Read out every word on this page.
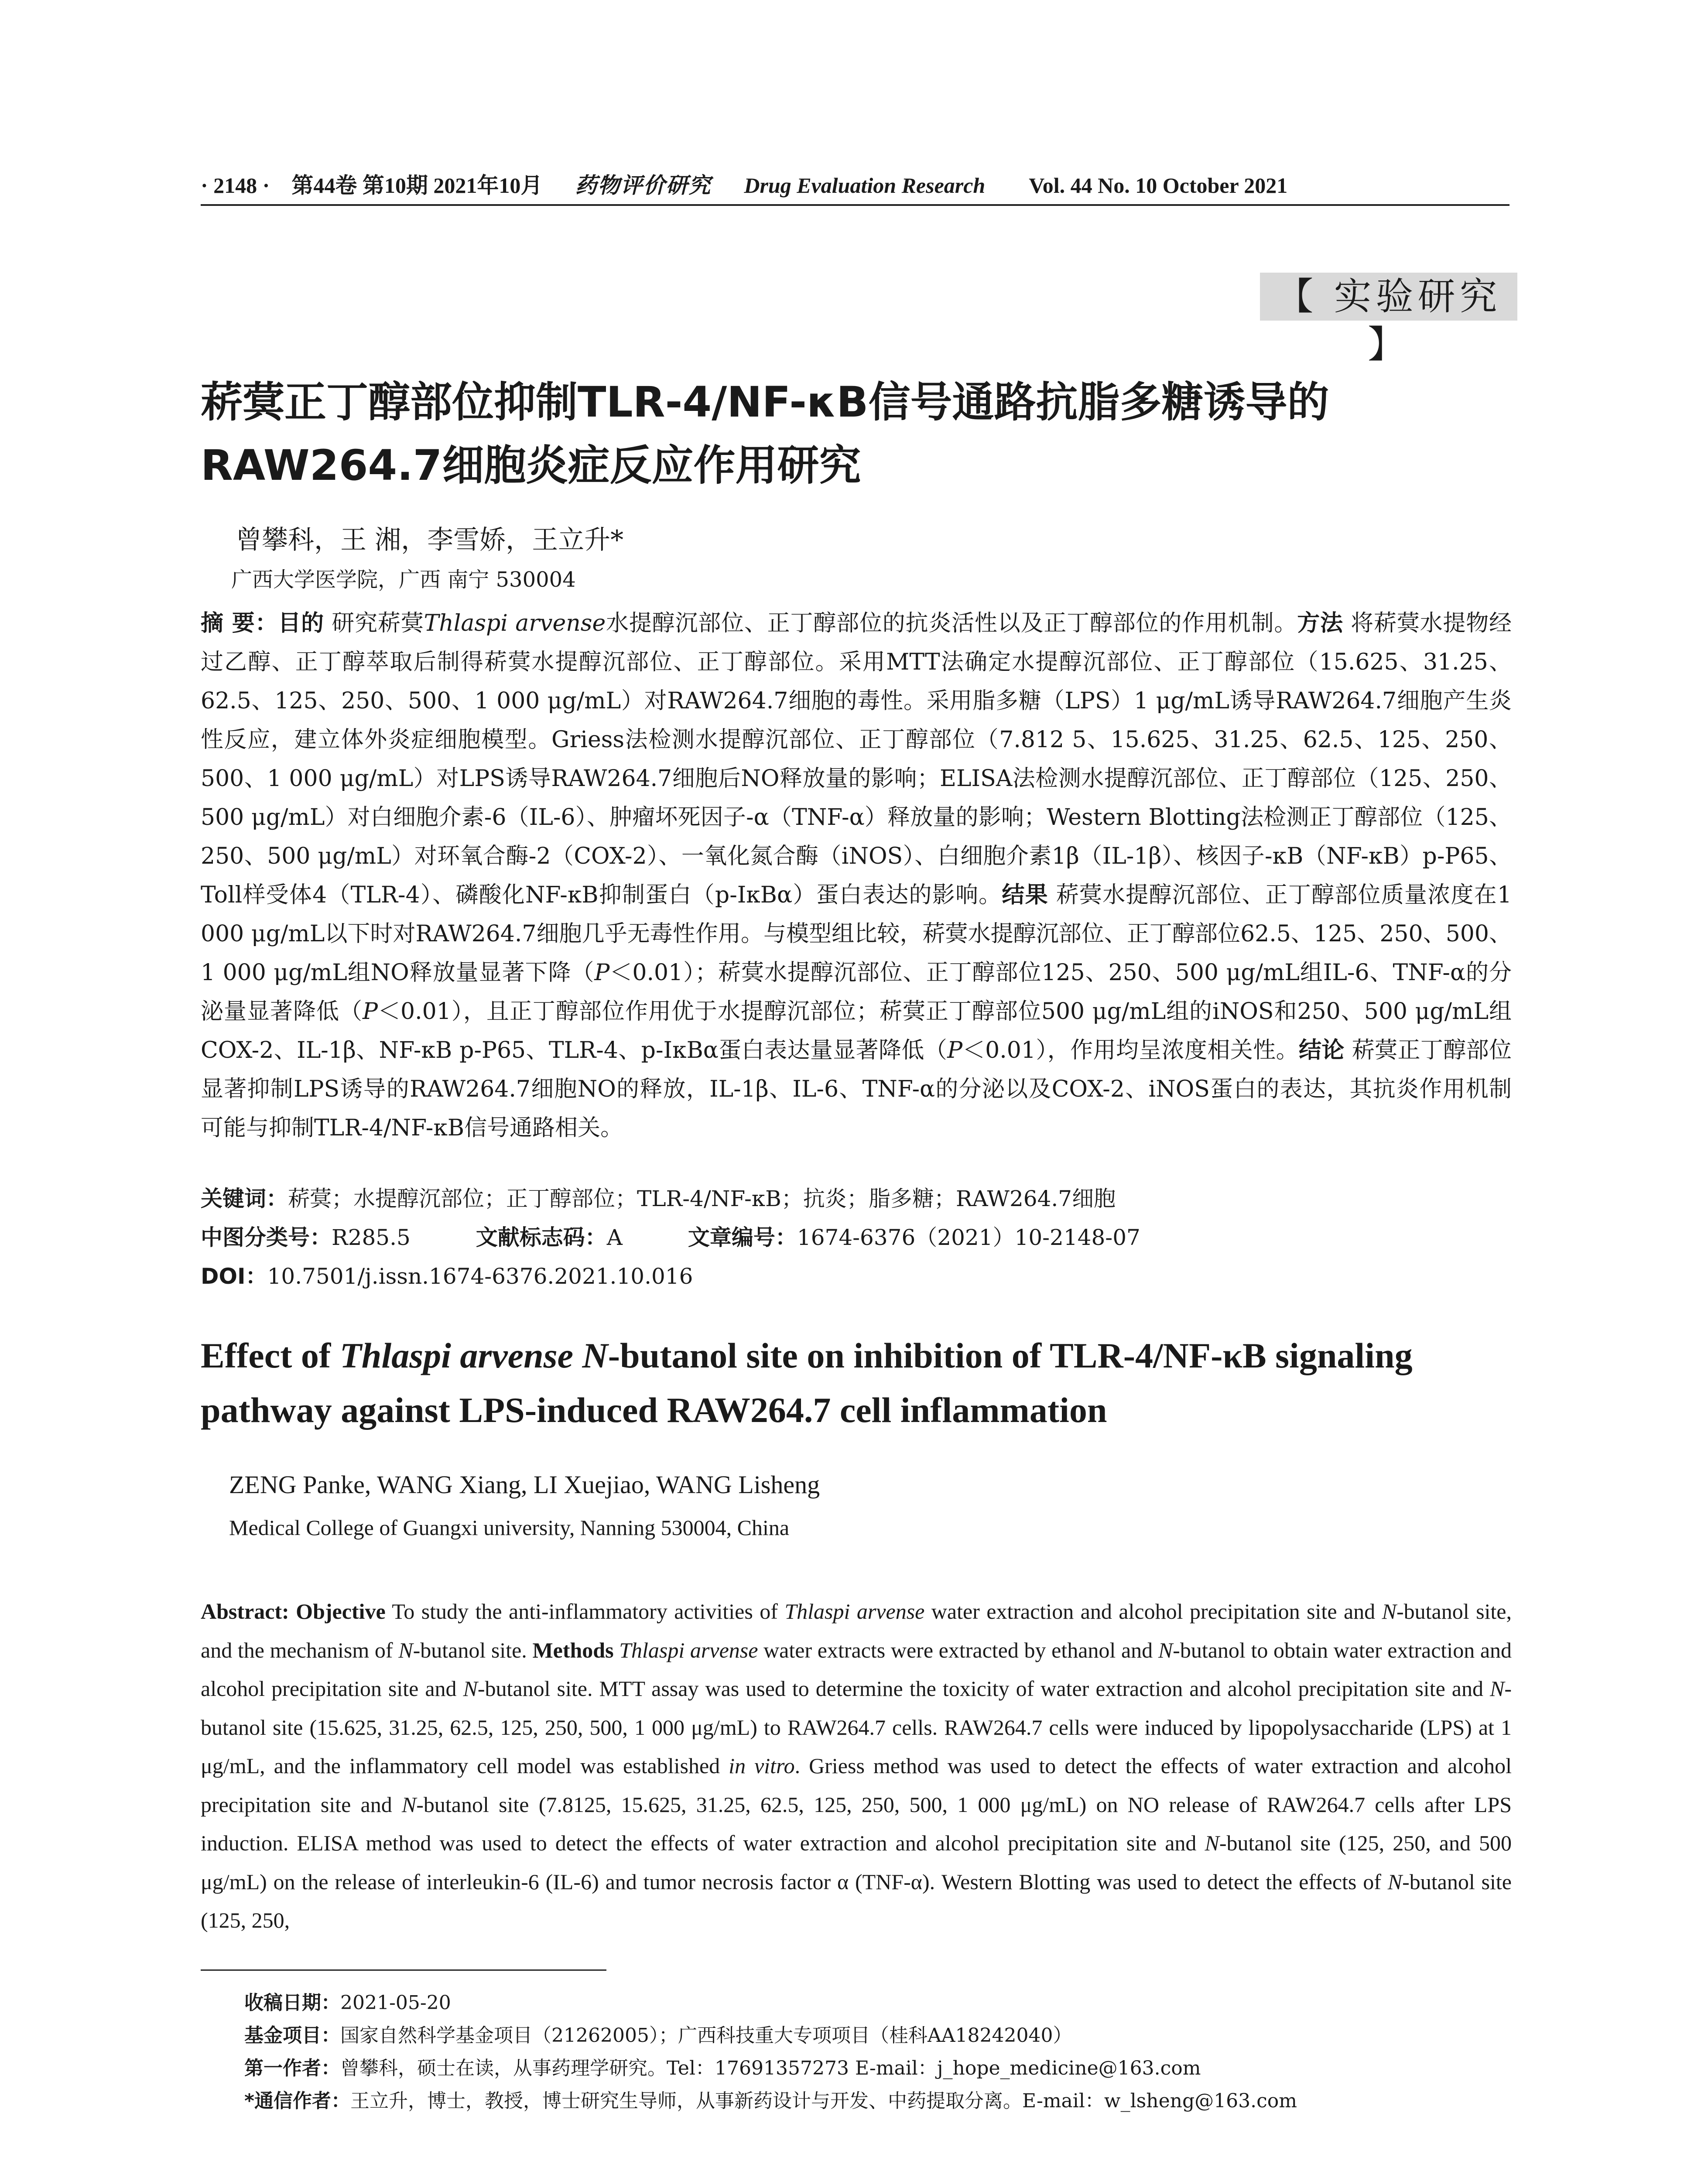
· 2148 · 第44卷 第10期 2021年10月 药物评价研究 Drug Evaluation Research Vol. 44 No. 10 October 2021
【 实验研究 】
菥蓂正丁醇部位抑制TLR-4/NF-κB信号通路抗脂多糖诱导的RAW264.7细胞炎症反应作用研究
曾攀科，王 湘，李雪娇，王立升*
广西大学医学院，广西 南宁 530004
摘 要：目的 研究菥蓂Thlaspi arvense水提醇沉部位、正丁醇部位的抗炎活性以及正丁醇部位的作用机制。方法 将菥蓂水提物经过乙醇、正丁醇萃取后制得菥蓂水提醇沉部位、正丁醇部位。采用MTT法确定水提醇沉部位、正丁醇部位（15.625、31.25、62.5、125、250、500、1 000 μg/mL）对RAW264.7细胞的毒性。采用脂多糖（LPS）1 μg/mL诱导RAW264.7细胞产生炎性反应，建立体外炎症细胞模型。Griess法检测水提醇沉部位、正丁醇部位（7.812 5、15.625、31.25、62.5、125、250、500、1 000 μg/mL）对LPS诱导RAW264.7细胞后NO释放量的影响；ELISA法检测水提醇沉部位、正丁醇部位（125、250、500 μg/mL）对白细胞介素-6（IL-6）、肿瘤坏死因子-α（TNF-α）释放量的影响；Western Blotting法检测正丁醇部位（125、250、500 μg/mL）对环氧合酶-2（COX-2）、一氧化氮合酶（iNOS）、白细胞介素1β（IL-1β）、核因子-κB（NF-κB）p-P65、Toll样受体4（TLR-4）、磷酸化NF-κB抑制蛋白（p-IκBα）蛋白表达的影响。结果 菥蓂水提醇沉部位、正丁醇部位质量浓度在1 000 μg/mL以下时对RAW264.7细胞几乎无毒性作用。与模型组比较，菥蓂水提醇沉部位、正丁醇部位62.5、125、250、500、1 000 μg/mL组NO释放量显著下降（P＜0.01）；菥蓂水提醇沉部位、正丁醇部位125、250、500 μg/mL组IL-6、TNF-α的分泌量显著降低（P＜0.01），且正丁醇部位作用优于水提醇沉部位；菥蓂正丁醇部位500 μg/mL组的iNOS和250、500 μg/mL组COX-2、IL-1β、NF-κB p-P65、TLR-4、p-IκBα蛋白表达量显著降低（P＜0.01），作用均呈浓度相关性。结论 菥蓂正丁醇部位显著抑制LPS诱导的RAW264.7细胞NO的释放，IL-1β、IL-6、TNF-α的分泌以及COX-2、iNOS蛋白的表达，其抗炎作用机制可能与抑制TLR-4/NF-κB信号通路相关。
关键词：菥蓂；水提醇沉部位；正丁醇部位；TLR-4/NF-κB；抗炎；脂多糖；RAW264.7细胞
中图分类号：R285.5	文献标志码：A	文章编号：1674-6376（2021）10-2148-07
DOI：10.7501/j.issn.1674-6376.2021.10.016
Effect of Thlaspi arvense N-butanol site on inhibition of TLR-4/NF-κB signaling pathway against LPS-induced RAW264.7 cell inflammation
ZENG Panke, WANG Xiang, LI Xuejiao, WANG Lisheng
Medical College of Guangxi university, Nanning 530004, China
Abstract: Objective To study the anti-inflammatory activities of Thlaspi arvense water extraction and alcohol precipitation site and N-butanol site, and the mechanism of N-butanol site. Methods Thlaspi arvense water extracts were extracted by ethanol and N-butanol to obtain water extraction and alcohol precipitation site and N-butanol site. MTT assay was used to determine the toxicity of water extraction and alcohol precipitation site and N-butanol site (15.625, 31.25, 62.5, 125, 250, 500, 1 000 μg/mL) to RAW264.7 cells. RAW264.7 cells were induced by lipopolysaccharide (LPS) at 1 μg/mL, and the inflammatory cell model was established in vitro. Griess method was used to detect the effects of water extraction and alcohol precipitation site and N-butanol site (7.8125, 15.625, 31.25, 62.5, 125, 250, 500, 1 000 μg/mL) on NO release of RAW264.7 cells after LPS induction. ELISA method was used to detect the effects of water extraction and alcohol precipitation site and N-butanol site (125, 250, and 500 μg/mL) on the release of interleukin-6 (IL-6) and tumor necrosis factor α (TNF-α). Western Blotting was used to detect the effects of N-butanol site (125, 250,
收稿日期：2021-05-20
基金项目：国家自然科学基金项目（21262005）；广西科技重大专项项目（桂科AA18242040）
第一作者：曾攀科，硕士在读，从事药理学研究。Tel：17691357273 E-mail：j_hope_medicine@163.com
*通信作者：王立升，博士，教授，博士研究生导师，从事新药设计与开发、中药提取分离。E-mail：w_lsheng@163.com
